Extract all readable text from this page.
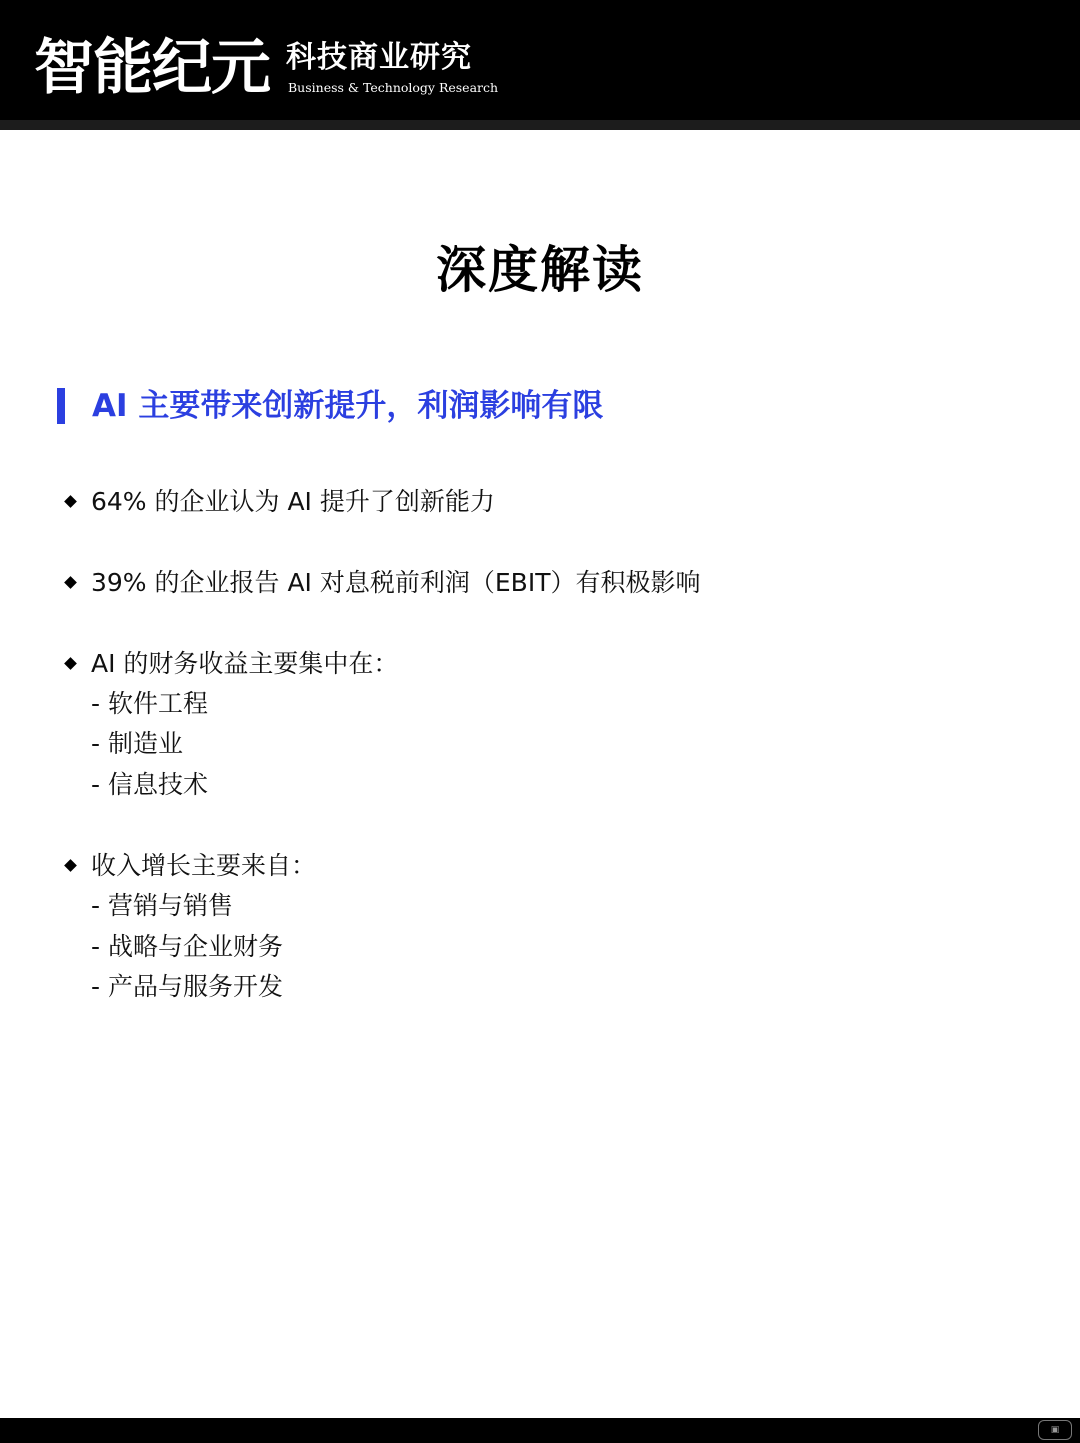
智能纪元 科技商业研究
Business & Technology Research
深度解读
AI 主要带来创新提升，利润影响有限
64% 的企业认为 AI 提升了创新能力
39% 的企业报告 AI 对息税前利润（EBIT）有积极影响
AI 的财务收益主要集中在：
- 软件工程
- 制造业
- 信息技术
收入增长主要来自：
- 营销与销售
- 战略与企业财务
- 产品与服务开发
▣
